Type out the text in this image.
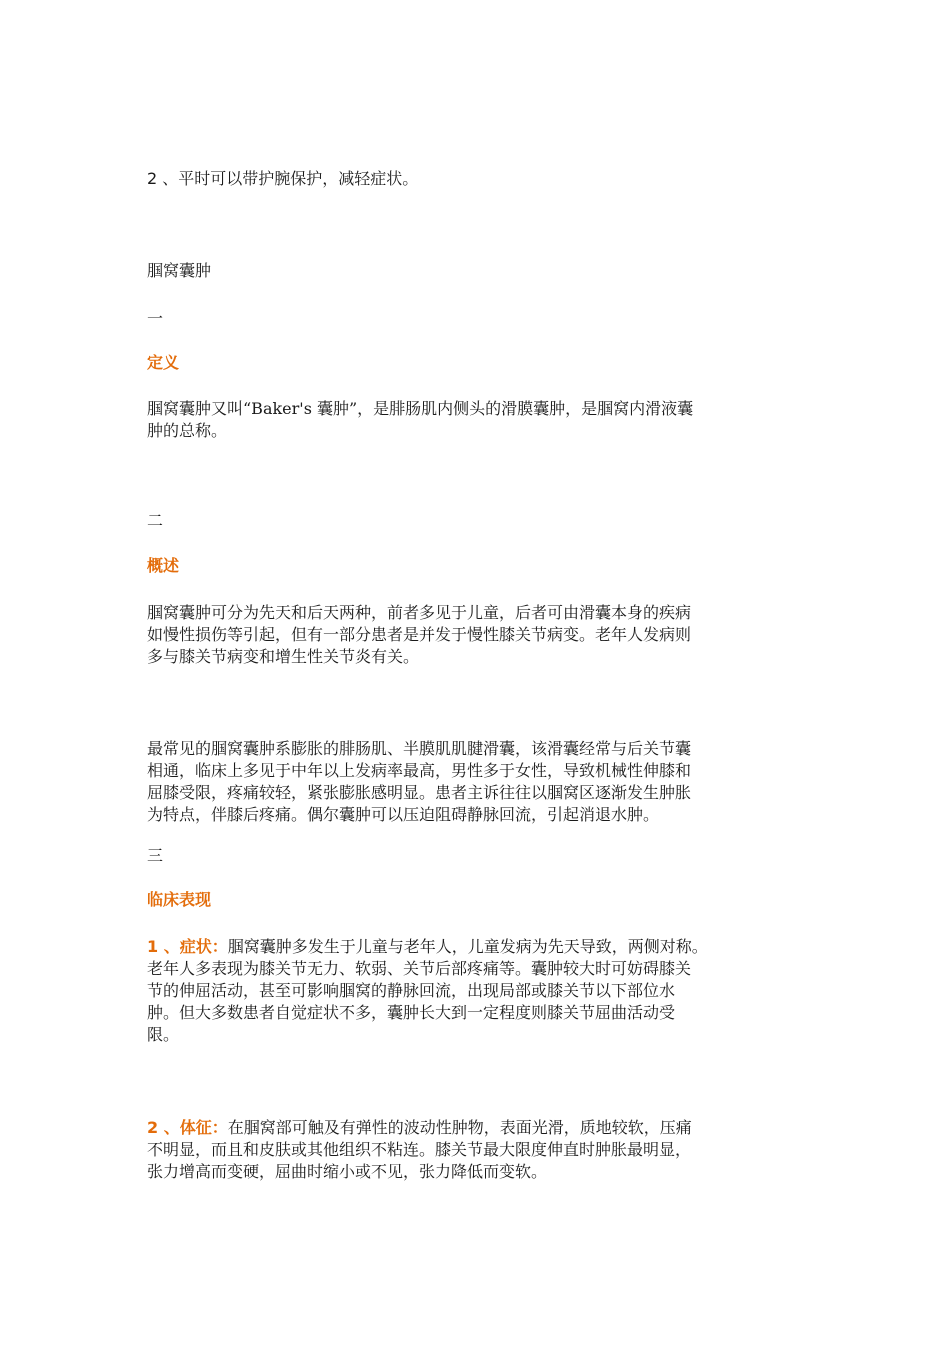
2 、平时可以带护腕保护，减轻症状。

腘窝囊肿

一

定义

腘窝囊肿又叫“Baker's 囊肿”，是腓肠肌内侧头的滑膜囊肿，是腘窝内滑液囊
肿的总称。

二

概述

腘窝囊肿可分为先天和后天两种，前者多见于儿童，后者可由滑囊本身的疾病
如慢性损伤等引起，但有一部分患者是并发于慢性膝关节病变。老年人发病则
多与膝关节病变和增生性关节炎有关。
最常见的腘窝囊肿系膨胀的腓肠肌、半膜肌肌腱滑囊，该滑囊经常与后关节囊
相通，临床上多见于中年以上发病率最高，男性多于女性，导致机械性伸膝和
屈膝受限，疼痛较轻，紧张膨胀感明显。患者主诉往往以腘窝区逐渐发生肿胀
为特点，伴膝后疼痛。偶尔囊肿可以压迫阻碍静脉回流，引起消退水肿。

三

临床表现

1 、症状：腘窝囊肿多发生于儿童与老年人，儿童发病为先天导致，两侧对称。
老年人多表现为膝关节无力、软弱、关节后部疼痛等。囊肿较大时可妨碍膝关
节的伸屈活动，甚至可影响腘窝的静脉回流，出现局部或膝关节以下部位水
肿。但大多数患者自觉症状不多，囊肿长大到一定程度则膝关节屈曲活动受
限。
2 、体征：在腘窝部可触及有弹性的波动性肿物，表面光滑，质地较软，压痛
不明显，而且和皮肤或其他组织不粘连。膝关节最大限度伸直时肿胀最明显，
张力增高而变硬，屈曲时缩小或不见，张力降低而变软。
